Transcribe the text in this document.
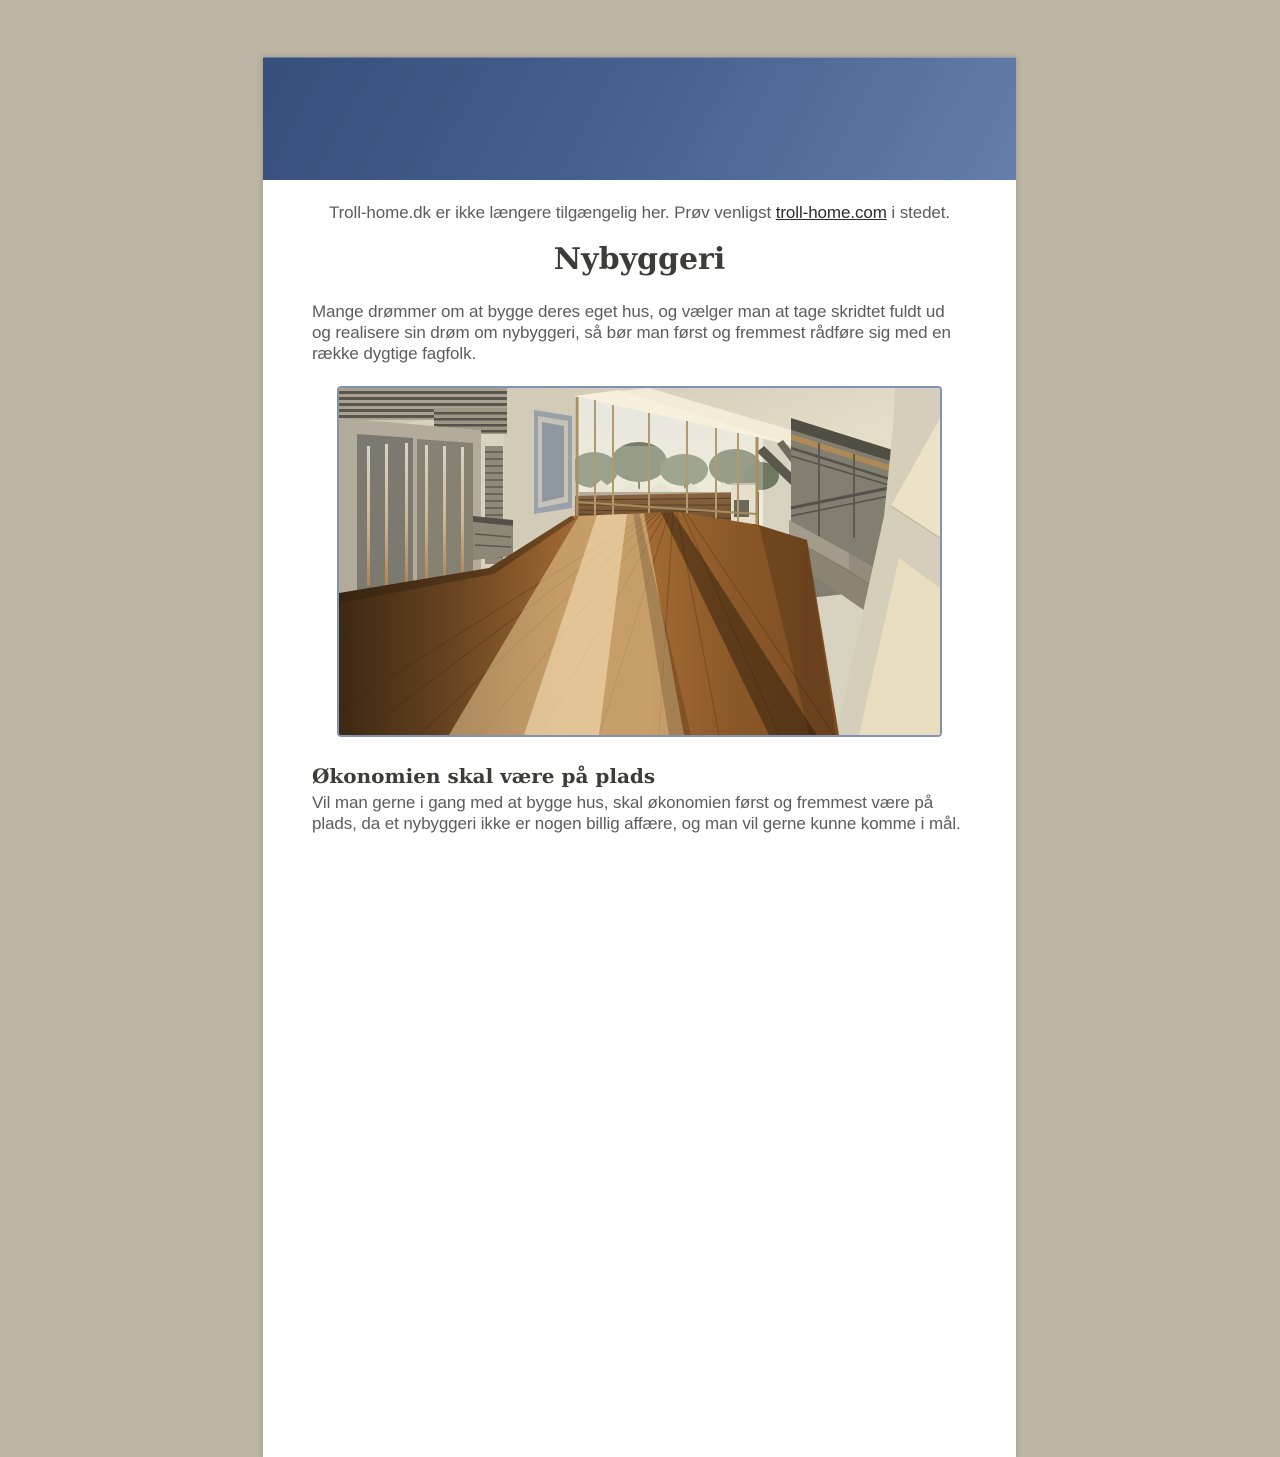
Troll-home.dk er ikke længere tilgængelig her. Prøv venligst troll-home.com i stedet.

Nybyggeri

Mange drømmer om at bygge deres eget hus, og vælger man at tage skridtet fuldt ud og realisere sin drøm om nybyggeri, så bør man først og fremmest rådføre sig med en række dygtige fagfolk.

Økonomien skal være på plads

Vil man gerne i gang med at bygge hus, skal økonomien først og fremmest være på plads, da et nybyggeri ikke er nogen billig affære, og man vil gerne kunne komme i mål.
